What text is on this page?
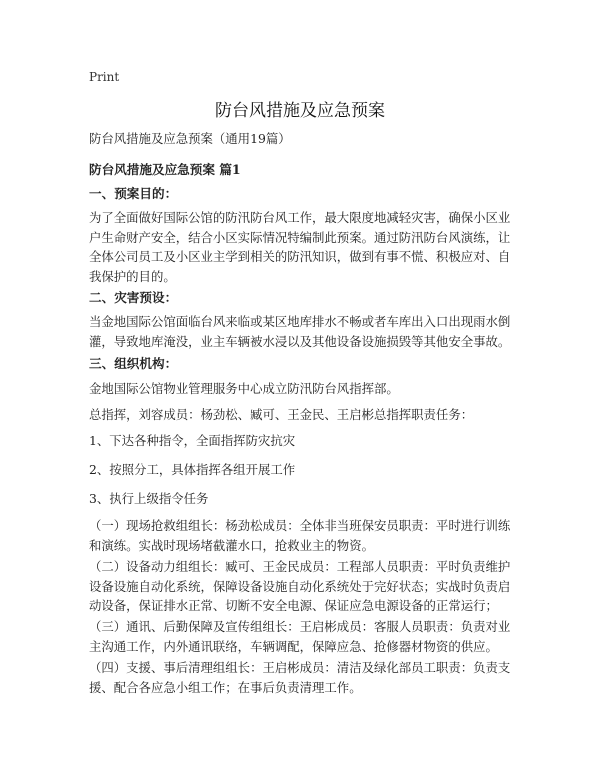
Print
防台风措施及应急预案

防台风措施及应急预案（通用19篇）

防台风措施及应急预案 篇1

一、预案目的：

为了全面做好国际公馆的防汛防台风工作，最大限度地减轻灾害，确保小区业户生命财产安全，结合小区实际情况特编制此预案。通过防汛防台风演练，让全体公司员工及小区业主学到相关的防汛知识，做到有事不慌、积极应对、自我保护的目的。

二、灾害预设：

当金地国际公馆面临台风来临或某区地库排水不畅或者车库出入口出现雨水倒灌，导致地库淹没，业主车辆被水浸以及其他设备设施损毁等其他安全事故。

三、组织机构：

金地国际公馆物业管理服务中心成立防汛防台风指挥部。

总指挥，刘容成员：杨劲松、臧可、王金民、王启彬总指挥职责任务：

1、下达各种指令，全面指挥防灾抗灾

2、按照分工，具体指挥各组开展工作

3、执行上级指令任务

（一）现场抢救组组长：杨劲松成员：全体非当班保安员职责：平时进行训练和演练。实战时现场堵截灌水口，抢救业主的物资。

（二）设备动力组组长：臧可、王金民成员：工程部人员职责：平时负责维护设备设施自动化系统，保障设备设施自动化系统处于完好状态；实战时负责启动设备，保证排水正常、切断不安全电源、保证应急电源设备的正常运行；

（三）通讯、后勤保障及宣传组组长：王启彬成员：客服人员职责：负责对业主沟通工作，内外通讯联络，车辆调配，保障应急、抢修器材物资的供应。

（四）支援、事后清理组组长：王启彬成员：清洁及绿化部员工职责：负责支援、配合各应急小组工作；在事后负责清理工作。
